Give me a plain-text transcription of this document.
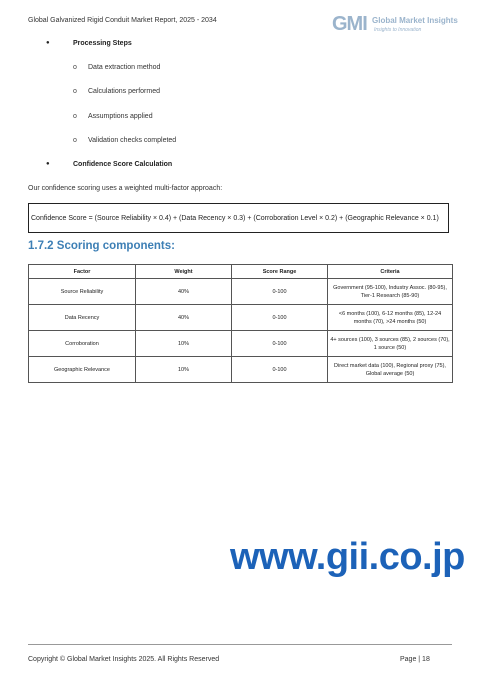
Global Galvanized Rigid Conduit Market Report, 2025 - 2034	GMI Global Market Insights
Insights to Innovation
●	Processing Steps
o Data extraction method
o Calculations performed
o Assumptions applied
o Validation checks completed
●	Confidence Score Calculation
Our confidence scoring uses a weighted multi-factor approach:
Confidence Score = (Source Reliability × 0.4) + (Data Recency × 0.3) + (Corroboration Level × 0.2) + (Geographic Relevance × 0.1)
1.7.2 Scoring components:
Factor	Weight	Score Range	Criteria
Source Reliability	40%	0-100	Government (95-100), Industry Assoc. (80-95), Tier-1 Research (85-90)
Data Recency	40%	0-100	<6 months (100), 6-12 months (85), 12-24 months (70), >24 months (50)
Corroboration	10%	0-100	4+ sources (100), 3 sources (85), 2 sources (70), 1 source (50)
Geographic Relevance	10%	0-100	Direct market data (100), Regional proxy (75), Global average (50)
www.gii.co.jp
Copyright © Global Market Insights 2025. All Rights Reserved	Page | 18
